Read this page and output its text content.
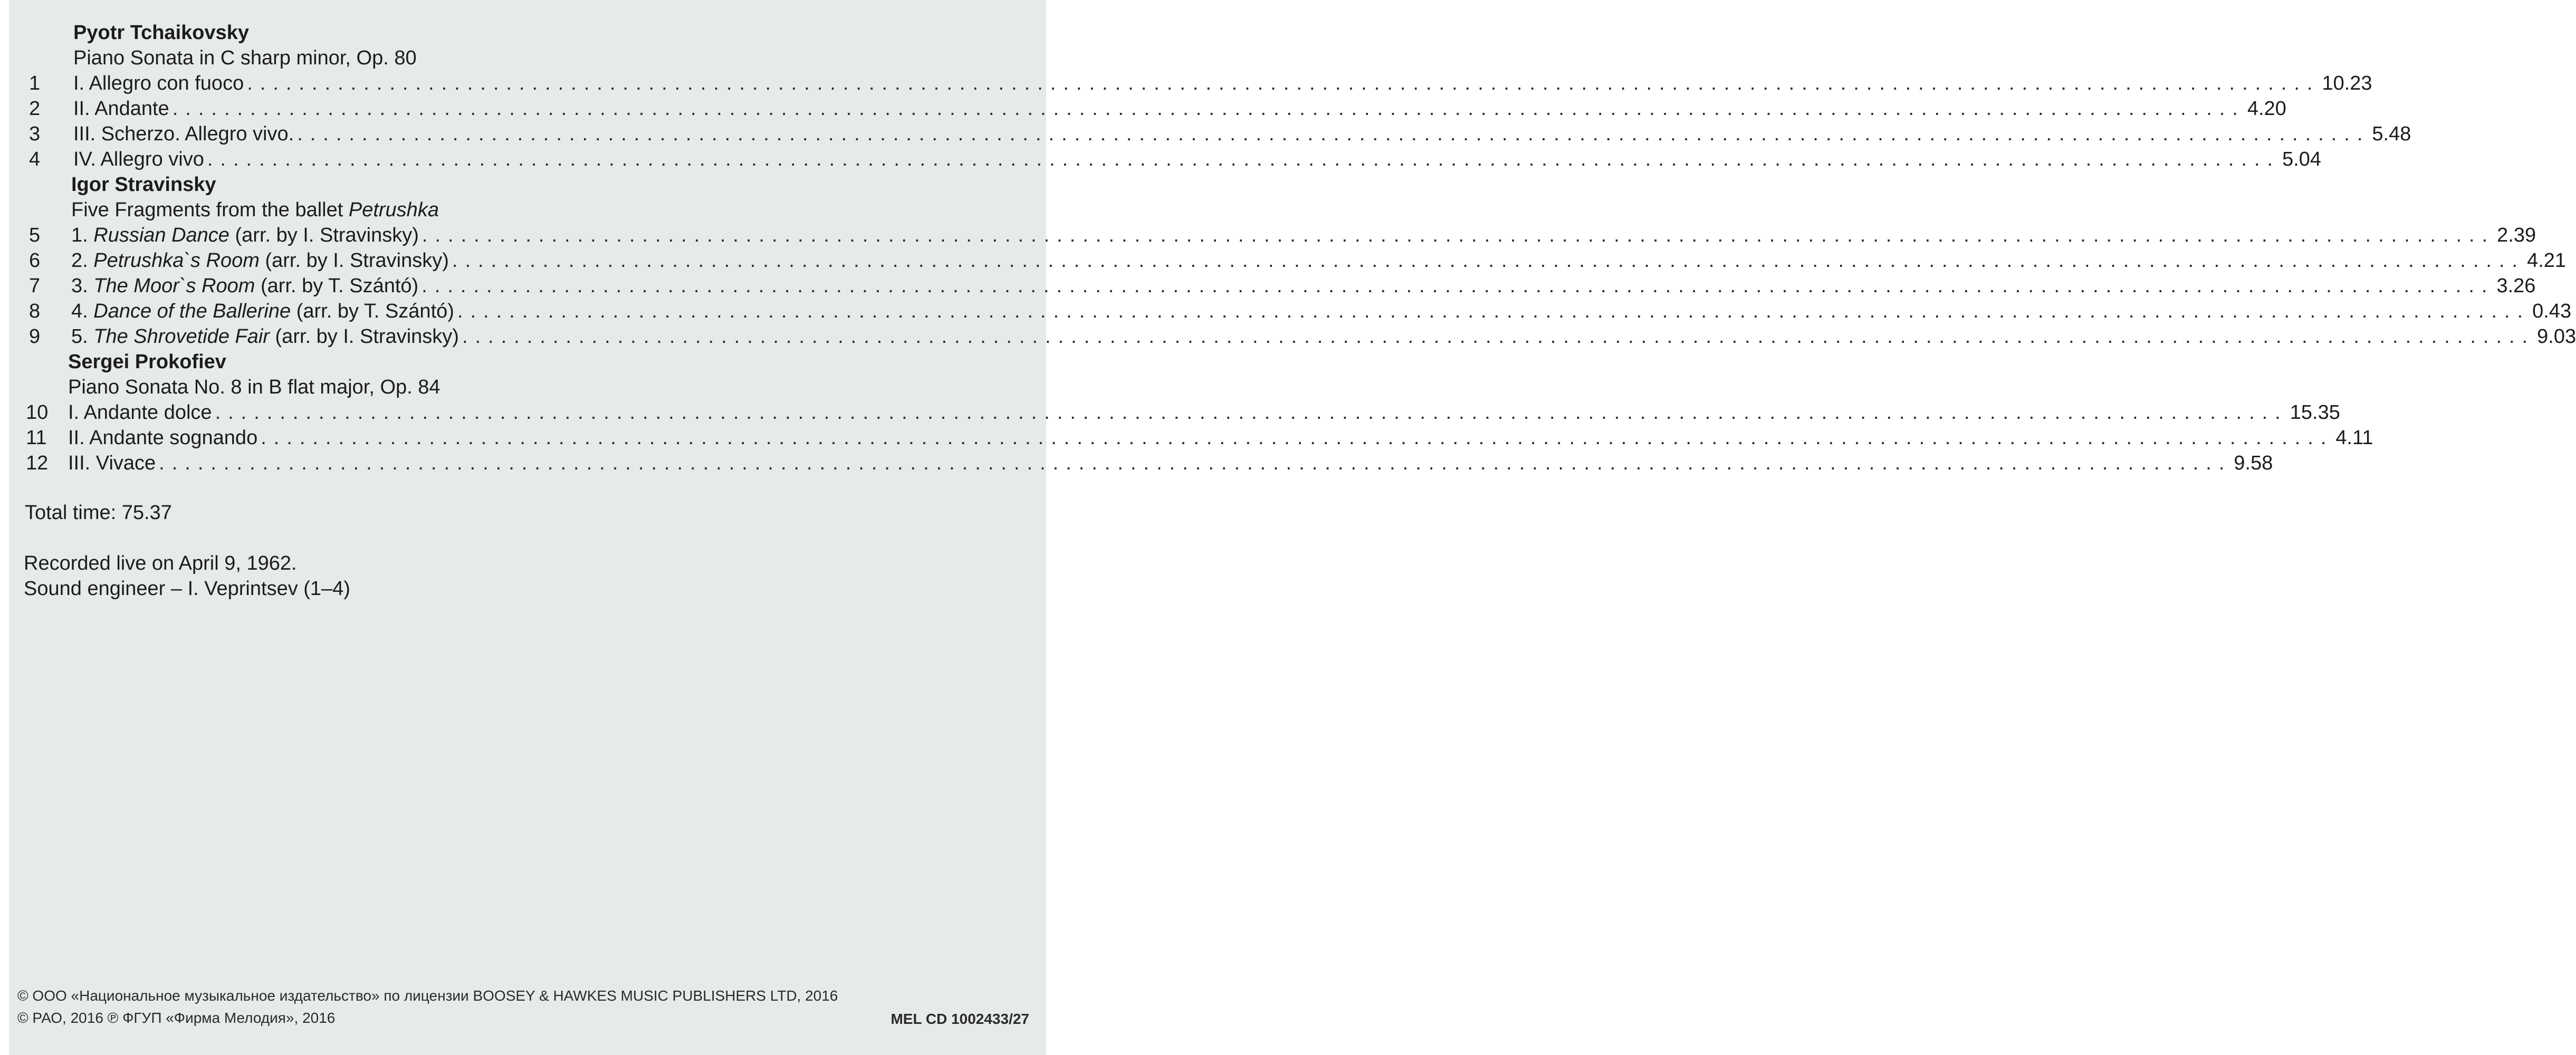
Pyotr Tchaikovsky
Piano Sonata in C sharp minor, Op. 80
1	I. Allegro con fuoco ................................................................................................................................................................ 10.23
2	II. Andante ................................................................................................................................................................ 4.20
3	III. Scherzo. Allegro vivo. ................................................................................................................................................................ 5.48
4	IV. Allegro vivo ................................................................................................................................................................ 5.04
Igor Stravinsky
Five Fragments from the ballet Petrushka
5	1. Russian Dance (arr. by I. Stravinsky) ................................................................................................................................................................ 2.39
6	2. Petrushka`s Room (arr. by I. Stravinsky) ................................................................................................................................................................ 4.21
7	3. The Moor`s Room (arr. by T. Szántó) ................................................................................................................................................................ 3.26
8	4. Dance of the Ballerine (arr. by T. Szántó) ................................................................................................................................................................ 0.43
9	5. The Shrovetide Fair (arr. by I. Stravinsky) ................................................................................................................................................................ 9.03
Sergei Prokofiev
Piano Sonata No. 8 in B flat major, Op. 84
10 I. Andante dolce ................................................................................................................................................................ 15.35
11	II. Andante sognando ................................................................................................................................................................ 4.11
12 III. Vivace ................................................................................................................................................................ 9.58
Total time: 75.37
Recorded live on April 9, 1962.
Sound engineer – I. Veprintsev (1–4)
© ООО «Национальное музыкальное издательство» по лицензии BOOSEY & HAWKES MUSIC PUBLISHERS LTD, 2016
© РАО, 2016 ℗ ФГУП «Фирма Мелодия», 2016	MEL CD 1002433/27
